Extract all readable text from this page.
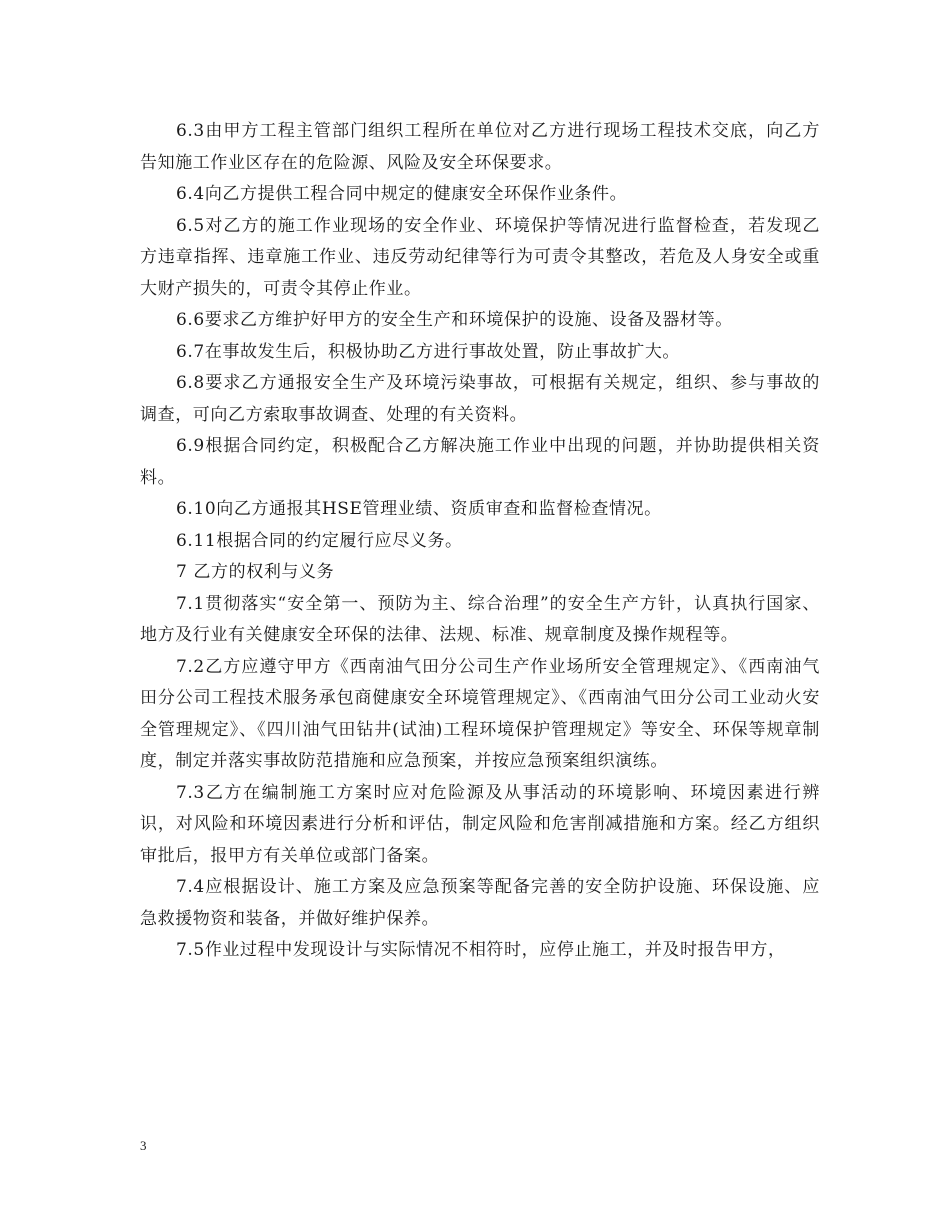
6.3由甲方工程主管部门组织工程所在单位对乙方进行现场工程技术交底，向乙方告知施工作业区存在的危险源、风险及安全环保要求。

6.4向乙方提供工程合同中规定的健康安全环保作业条件。

6.5对乙方的施工作业现场的安全作业、环境保护等情况进行监督检查，若发现乙方违章指挥、违章施工作业、违反劳动纪律等行为可责令其整改，若危及人身安全或重大财产损失的，可责令其停止作业。

6.6要求乙方维护好甲方的安全生产和环境保护的设施、设备及器材等。

6.7在事故发生后，积极协助乙方进行事故处置，防止事故扩大。

6.8要求乙方通报安全生产及环境污染事故，可根据有关规定，组织、参与事故的调查，可向乙方索取事故调查、处理的有关资料。

6.9根据合同约定，积极配合乙方解决施工作业中出现的问题，并协助提供相关资料。

6.10向乙方通报其HSE管理业绩、资质审查和监督检查情况。

6.11根据合同的约定履行应尽义务。

7 乙方的权利与义务

7.1贯彻落实“安全第一、预防为主、综合治理”的安全生产方针，认真执行国家、地方及行业有关健康安全环保的法律、法规、标准、规章制度及操作规程等。

7.2乙方应遵守甲方《西南油气田分公司生产作业场所安全管理规定》、《西南油气田分公司工程技术服务承包商健康安全环境管理规定》、《西南油气田分公司工业动火安全管理规定》、《四川油气田钻井(试油)工程环境保护管理规定》等安全、环保等规章制度，制定并落实事故防范措施和应急预案，并按应急预案组织演练。

7.3乙方在编制施工方案时应对危险源及从事活动的环境影响、环境因素进行辨识，对风险和环境因素进行分析和评估，制定风险和危害削减措施和方案。经乙方组织审批后，报甲方有关单位或部门备案。

7.4应根据设计、施工方案及应急预案等配备完善的安全防护设施、环保设施、应急救援物资和装备，并做好维护保养。

7.5作业过程中发现设计与实际情况不相符时，应停止施工，并及时报告甲方，

3
